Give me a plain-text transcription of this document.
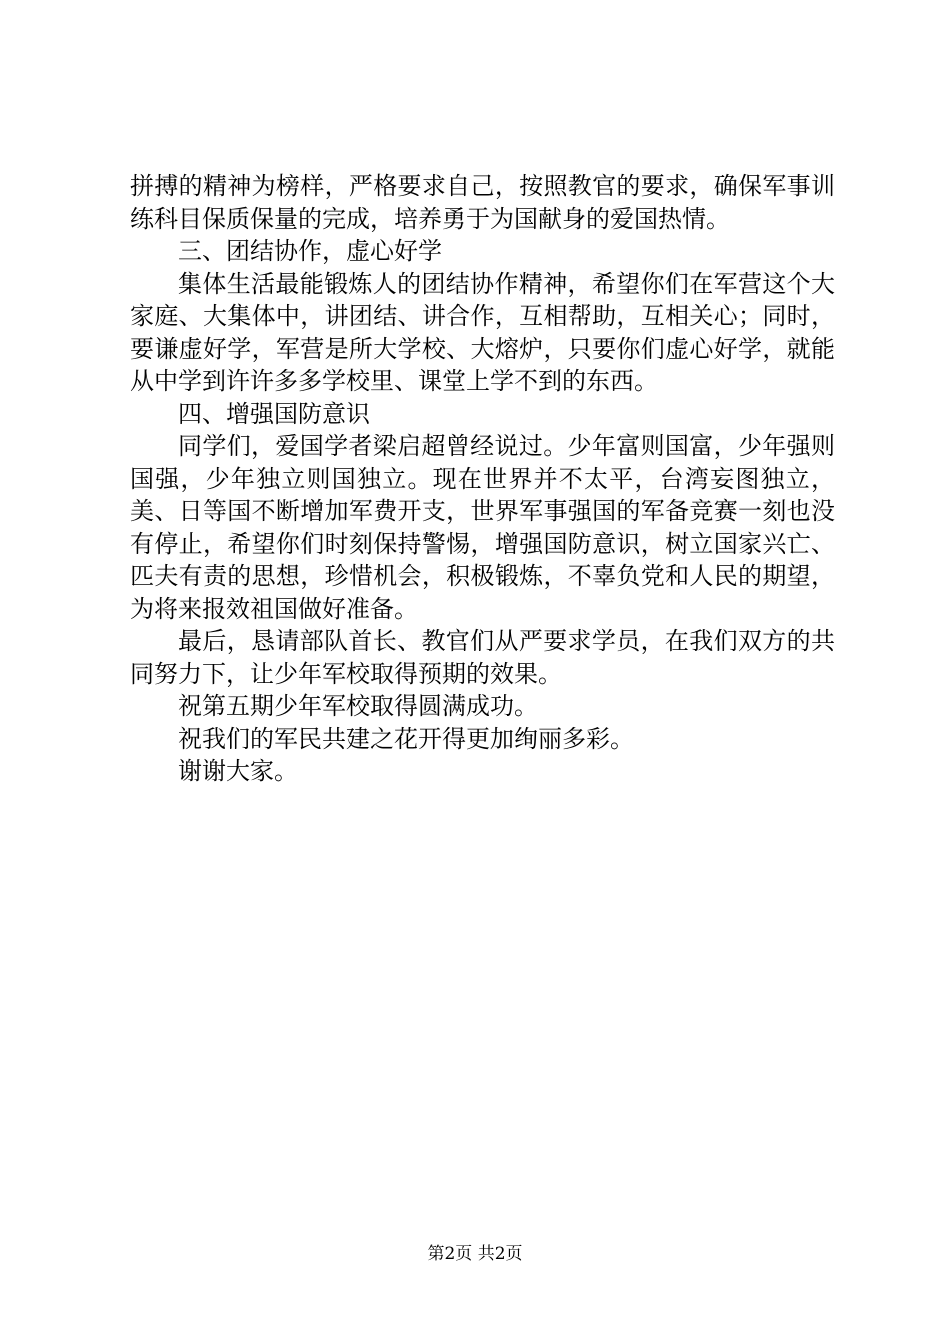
拼搏的精神为榜样，严格要求自己，按照教官的要求，确保军事训练科目保质保量的完成，培养勇于为国献身的爱国热情。

三、团结协作，虚心好学

集体生活最能锻炼人的团结协作精神，希望你们在军营这个大家庭、大集体中，讲团结、讲合作，互相帮助，互相关心；同时，要谦虚好学，军营是所大学校、大熔炉，只要你们虚心好学，就能从中学到许许多多学校里、课堂上学不到的东西。

四、增强国防意识

同学们，爱国学者梁启超曾经说过。少年富则国富，少年强则国强，少年独立则国独立。现在世界并不太平，台湾妄图独立，美、日等国不断增加军费开支，世界军事强国的军备竞赛一刻也没有停止，希望你们时刻保持警惕，增强国防意识，树立国家兴亡、匹夫有责的思想，珍惜机会，积极锻炼，不辜负党和人民的期望，为将来报效祖国做好准备。

最后，恳请部队首长、教官们从严要求学员，在我们双方的共同努力下，让少年军校取得预期的效果。

祝第五期少年军校取得圆满成功。

祝我们的军民共建之花开得更加绚丽多彩。

谢谢大家。

第2页 共2页
